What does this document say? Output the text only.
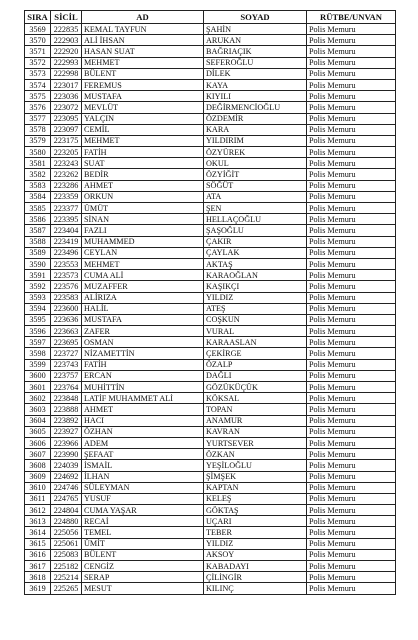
SIRA	SİCİL	AD	SOYAD	RÜTBE/UNVAN
3569	222835	KEMAL TAYFUN	ŞAHİN	Polis Memuru
3570	222903	ALİ İHSAN	ARUKAN	Polis Memuru
3571	222920	HASAN SUAT	BAĞRIAÇIK	Polis Memuru
3572	222993	MEHMET	SEFEROĞLU	Polis Memuru
3573	222998	BÜLENT	DİLEK	Polis Memuru
3574	223017	FEREMUS	KAYA	Polis Memuru
3575	223036	MUSTAFA	KIYILI	Polis Memuru
3576	223072	MEVLÜT	DEĞİRMENCİOĞLU	Polis Memuru
3577	223095	YALÇIN	ÖZDEMİR	Polis Memuru
3578	223097	CEMİL	KARA	Polis Memuru
3579	223175	MEHMET	YILDIRIM	Polis Memuru
3580	223205	FATİH	ÖZYÜREK	Polis Memuru
3581	223243	SUAT	OKUL	Polis Memuru
3582	223262	BEDİR	ÖZYİĞİT	Polis Memuru
3583	223286	AHMET	SÖĞÜT	Polis Memuru
3584	223359	ORKUN	ATA	Polis Memuru
3585	223377	ÜMÜT	ŞEN	Polis Memuru
3586	223395	SİNAN	HELLAÇOĞLU	Polis Memuru
3587	223404	FAZLI	ŞAŞOĞLU	Polis Memuru
3588	223419	MUHAMMED	ÇAKIR	Polis Memuru
3589	223496	CEYLAN	ÇAYLAK	Polis Memuru
3590	223553	MEHMET	AKTAŞ	Polis Memuru
3591	223573	CUMA ALİ	KARAOĞLAN	Polis Memuru
3592	223576	MUZAFFER	KAŞIKÇI	Polis Memuru
3593	223583	ALİRIZA	YILDIZ	Polis Memuru
3594	223600	HALİL	ATEŞ	Polis Memuru
3595	223636	MUSTAFA	COŞKUN	Polis Memuru
3596	223663	ZAFER	VURAL	Polis Memuru
3597	223695	OSMAN	KARAASLAN	Polis Memuru
3598	223727	NİZAMETTİN	ÇEKİRGE	Polis Memuru
3599	223743	FATİH	ÖZALP	Polis Memuru
3600	223757	ERCAN	DAĞLI	Polis Memuru
3601	223764	MUHİTTİN	GÖZÜKÜÇÜK	Polis Memuru
3602	223848	LATİF MUHAMMET ALİ	KÖKSAL	Polis Memuru
3603	223888	AHMET	TOPAN	Polis Memuru
3604	223892	HACI	ANAMUR	Polis Memuru
3605	223927	ÖZHAN	KAVRAN	Polis Memuru
3606	223966	ADEM	YURTSEVER	Polis Memuru
3607	223990	ŞEFAAT	ÖZKAN	Polis Memuru
3608	224039	İSMAİL	YEŞİLOĞLU	Polis Memuru
3609	224692	İLHAN	ŞİMŞEK	Polis Memuru
3610	224746	SÜLEYMAN	KAPTAN	Polis Memuru
3611	224765	YUSUF	KELEŞ	Polis Memuru
3612	224804	CUMA YAŞAR	GÖKTAŞ	Polis Memuru
3613	224880	RECAİ	UÇARI	Polis Memuru
3614	225056	TEMEL	TEBER	Polis Memuru
3615	225061	ÜMİT	YILDIZ	Polis Memuru
3616	225083	BÜLENT	AKSOY	Polis Memuru
3617	225182	CENGİZ	KABADAYI	Polis Memuru
3618	225214	SERAP	ÇİLİNGİR	Polis Memuru
3619	225265	MESUT	KILINÇ	Polis Memuru
